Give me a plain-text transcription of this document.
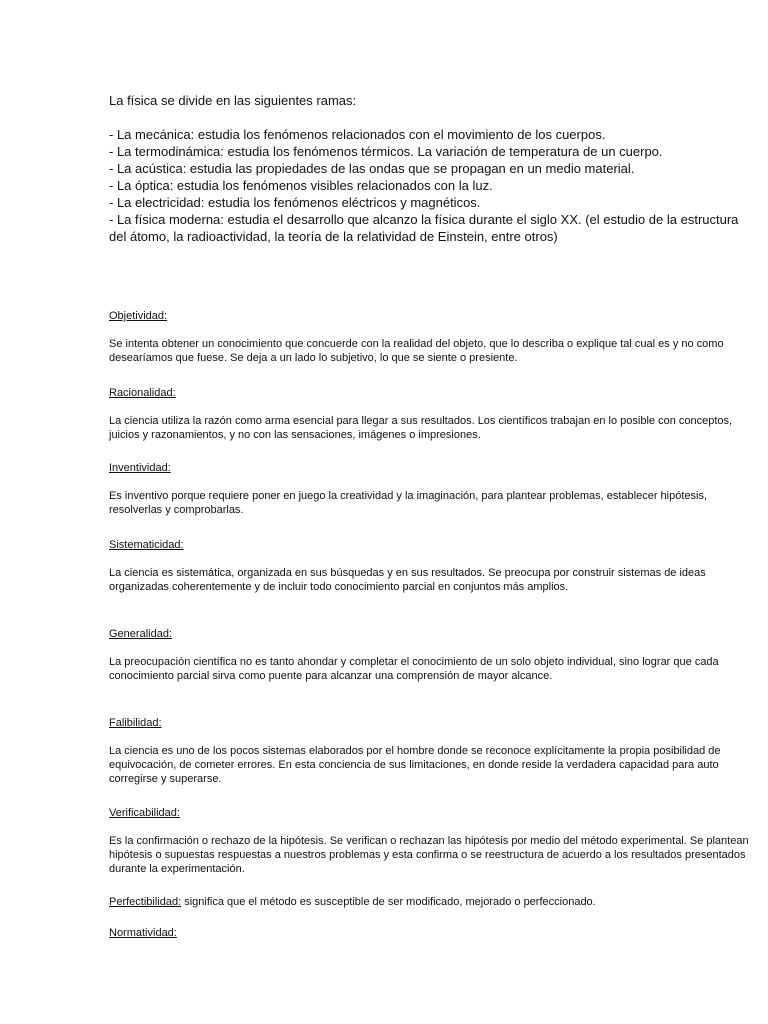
La física se divide en las siguientes ramas:

- La mecánica: estudia los fenómenos relacionados con el movimiento de los cuerpos.

- La termodinámica: estudia los fenómenos térmicos. La variación de temperatura de un cuerpo.

- La acústica: estudia las propiedades de las ondas que se propagan en un medio material.

- La óptica: estudia los fenómenos visibles relacionados con la luz.

- La electricidad: estudia los fenómenos eléctricos y magnéticos.

- La física moderna: estudia el desarrollo que alcanzo la física durante el siglo XX. (el estudio de la estructura del átomo, la radioactividad, la teoría de la relatividad de Einstein, entre otros)

Objetividad:
Se intenta obtener un conocimiento que concuerde con la realidad del objeto, que lo describa o explique tal cual es y no como desearíamos que fuese. Se deja a un lado lo subjetivo, lo que se siente o presiente.
Racionalidad:
La ciencia utiliza la razón como arma esencial para llegar a sus resultados. Los científicos trabajan en lo posible con conceptos, juicios y razonamientos, y no con las sensaciones, imágenes o impresiones.
Inventividad:
Es inventivo porque requiere poner en juego la creatividad y la imaginación, para plantear problemas, establecer hipótesis, resolverlas y comprobarlas.
Sistematicidad:
La ciencia es sistemática, organizada en sus búsquedas y en sus resultados. Se preocupa por construir sistemas de ideas organizadas coherentemente y de incluir todo conocimiento parcial en conjuntos más amplios.
Generalidad:
La preocupación científica no es tanto ahondar y completar el conocimiento de un solo objeto individual, sino lograr que cada conocimiento parcial sirva como puente para alcanzar una comprensión de mayor alcance.
Falibilidad:
La ciencia es uno de los pocos sistemas elaborados por el hombre donde se reconoce explícitamente la propia posibilidad de equivocación, de cometer errores. En esta conciencia de sus limitaciones, en donde reside la verdadera capacidad para auto corregirse y superarse.
Verificabilidad:
Es la confirmación o rechazo de la hipótesis. Se verifican o rechazan las hipótesis por medio del método experimental. Se plantean hipótesis o supuestas respuestas a nuestros problemas y esta confirma o se reestructura de acuerdo a los resultados presentados durante la experimentación.
Perfectibilidad: significa que el método es susceptible de ser modificado, mejorado o perfeccionado.
Normatividad:
